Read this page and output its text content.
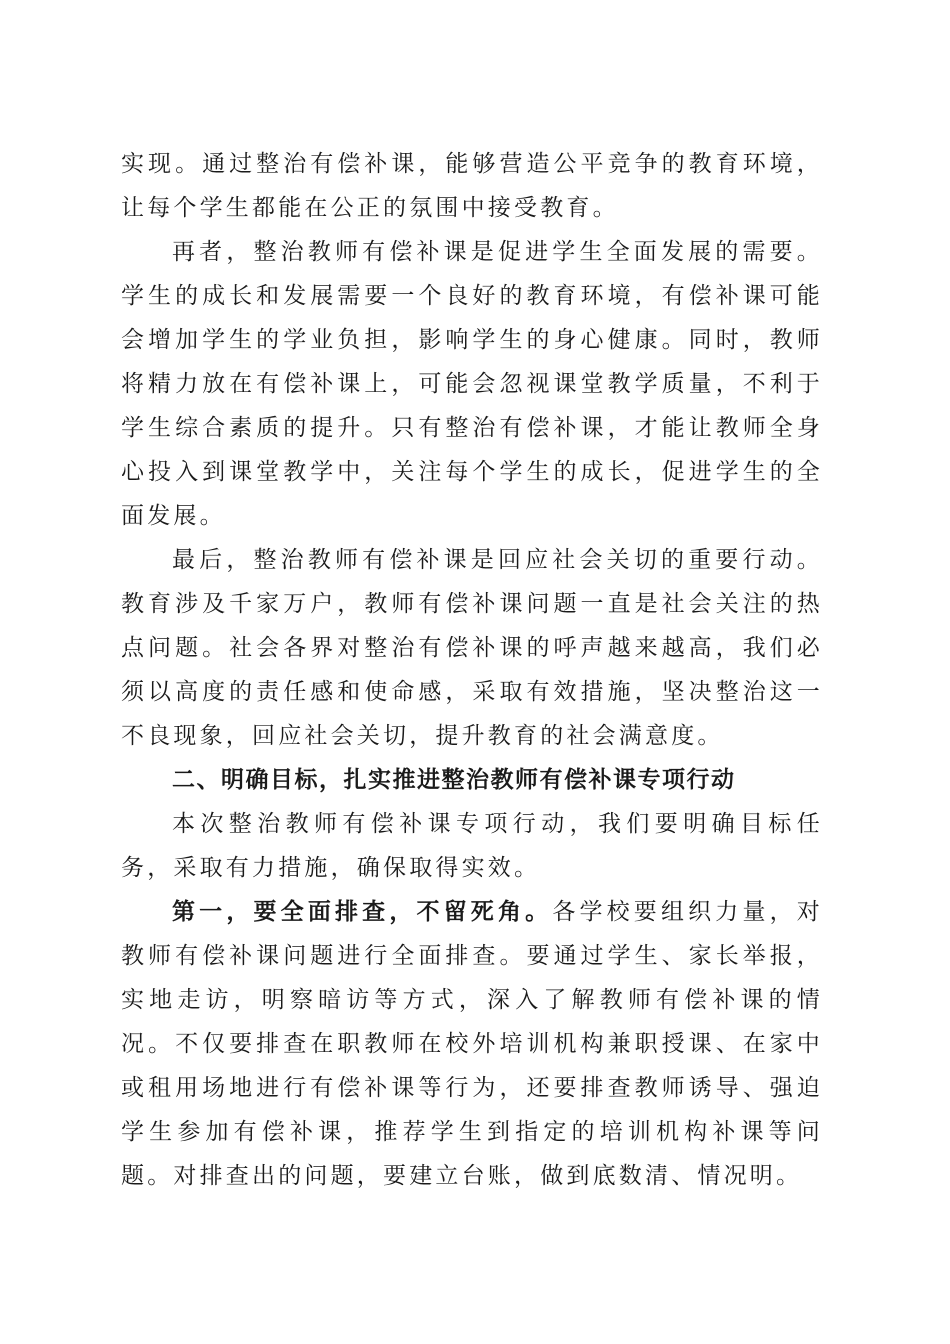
实现。通过整治有偿补课，能够营造公平竞争的教育环境，让每个学生都能在公正的氛围中接受教育。

再者，整治教师有偿补课是促进学生全面发展的需要。学生的成长和发展需要一个良好的教育环境，有偿补课可能会增加学生的学业负担，影响学生的身心健康。同时，教师将精力放在有偿补课上，可能会忽视课堂教学质量，不利于学生综合素质的提升。只有整治有偿补课，才能让教师全身心投入到课堂教学中，关注每个学生的成长，促进学生的全面发展。

最后，整治教师有偿补课是回应社会关切的重要行动。教育涉及千家万户，教师有偿补课问题一直是社会关注的热点问题。社会各界对整治有偿补课的呼声越来越高，我们必须以高度的责任感和使命感，采取有效措施，坚决整治这一不良现象，回应社会关切，提升教育的社会满意度。

二、明确目标，扎实推进整治教师有偿补课专项行动

本次整治教师有偿补课专项行动，我们要明确目标任务，采取有力措施，确保取得实效。

第一，要全面排查，不留死角。各学校要组织力量，对教师有偿补课问题进行全面排查。要通过学生、家长举报，实地走访，明察暗访等方式，深入了解教师有偿补课的情况。不仅要排查在职教师在校外培训机构兼职授课、在家中或租用场地进行有偿补课等行为，还要排查教师诱导、强迫学生参加有偿补课，推荐学生到指定的培训机构补课等问题。对排查出的问题，要建立台账，做到底数清、情况明。
